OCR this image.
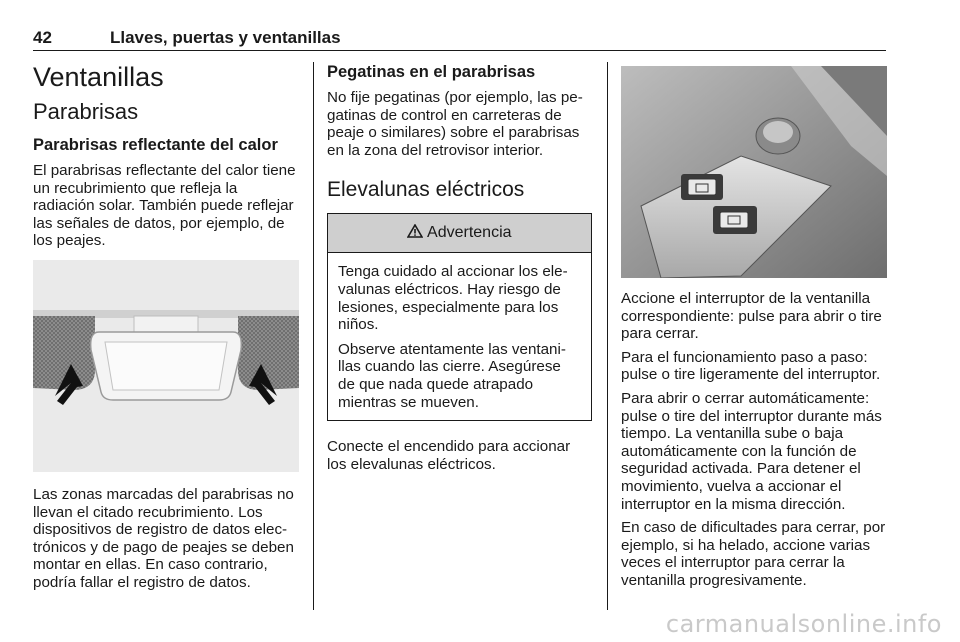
42	Llaves, puertas y ventanillas
Ventanillas
Parabrisas
Parabrisas reflectante del calor

El parabrisas reflectante del calor tiene un recubrimiento que refleja la radiación solar. También puede reflejar las señales de datos, por ejemplo, de los peajes.

Las zonas marcadas del parabrisas no llevan el citado recubrimiento. Los dispositivos de registro de datos electrónicos y de pago de peajes se deben montar en ellas. En caso contrario, podría fallar el registro de datos.

Pegatinas en el parabrisas

No fije pegatinas (por ejemplo, las pegatinas de control en carreteras de peaje o similares) sobre el parabrisas en la zona del retrovisor interior.

Elevalunas eléctricos
Advertencia

Tenga cuidado al accionar los elevalunas eléctricos. Hay riesgo de lesiones, especialmente para los niños.

Observe atentamente las ventanillas cuando las cierre. Asegúrese de que nada quede atrapado mientras se mueven.

Conecte el encendido para accionar los elevalunas eléctricos.

Accione el interruptor de la ventanilla correspondiente: pulse para abrir o tire para cerrar.

Para el funcionamiento paso a paso: pulse o tire ligeramente del interruptor.

Para abrir o cerrar automáticamente: pulse o tire del interruptor durante más tiempo. La ventanilla sube o baja automáticamente con la función de seguridad activada. Para detener el movimiento, vuelva a accionar el interruptor en la misma dirección.

En caso de dificultades para cerrar, por ejemplo, si ha helado, accione varias veces el interruptor para cerrar la ventanilla progresivamente.

carmanualsonline.info
